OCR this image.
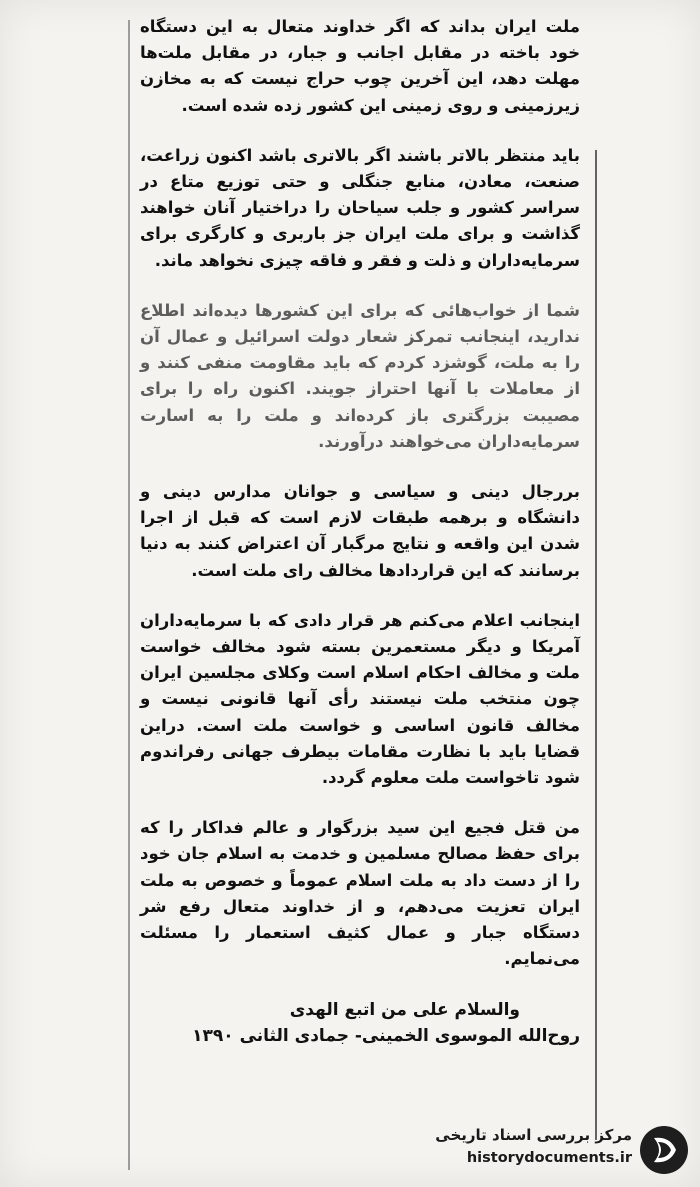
ملت ایران بداند که اگر خداوند متعال به این دستگاه خود باخته در مقابل اجانب و جبار، در مقابل ملت‌ها مهلت دهد، این آخرین چوب حراج نیست که به مخازن زیرزمینی و روی زمینی این کشور زده شده است.

باید منتظر بالاتر باشند اگر بالاتری باشد اکنون زراعت، صنعت، معادن، منابع جنگلی و حتی توزیع متاع در سراسر کشور و جلب سیاحان را دراختیار آنان خواهند گذاشت و برای ملت ایران جز باربری و کارگری برای سرمایه‌داران و ذلت و فقر و فاقه چیزی نخواهد ماند.

شما از خواب‌هائی که برای این کشورها دیده‌اند اطلاع ندارید، اینجانب تمرکز شعار دولت اسرائیل و عمال آن را به ملت، گوشزد کردم که باید مقاومت منفی کنند و از معاملات با آنها احتراز جویند. اکنون راه را برای مصیبت بزرگتری باز کرده‌اند و ملت را به اسارت سرمایه‌داران می‌خواهند درآورند.

بررجال دینی و سیاسی و جوانان مدارس دینی و دانشگاه و برهمه طبقات لازم است که قبل از اجرا شدن این واقعه و نتایج مرگبار آن اعتراض کنند به دنیا برسانند که این قراردادها مخالف رای ملت است.

اینجانب اعلام می‌کنم هر قرار دادی که با سرمایه‌داران آمریکا و دیگر مستعمرین بسته شود مخالف خواست ملت و مخالف احکام اسلام است وکلای مجلسین ایران چون منتخب ملت نیستند رأی آنها قانونی نیست و مخالف قانون اساسی و خواست ملت است. دراین قضایا باید با نظارت مقامات بیطرف جهانی رفراندوم شود تاخواست ملت معلوم گردد.

من قتل فجیع این سید بزرگوار و عالم فداکار را که برای حفظ مصالح مسلمین و خدمت به اسلام جان خود را از دست داد به ملت اسلام عموماً و خصوص به ملت ایران تعزیت می‌دهم، و از خداوند متعال رفع شر دستگاه جبار و عمال کثیف استعمار را مسئلت می‌نمایم.

والسلام علی من اتبع الهدی

روح‌الله الموسوی الخمینی- جمادی الثانی ۱۳۹۰

مرکز بررسی اسناد تاریخی
historydocuments.ir
